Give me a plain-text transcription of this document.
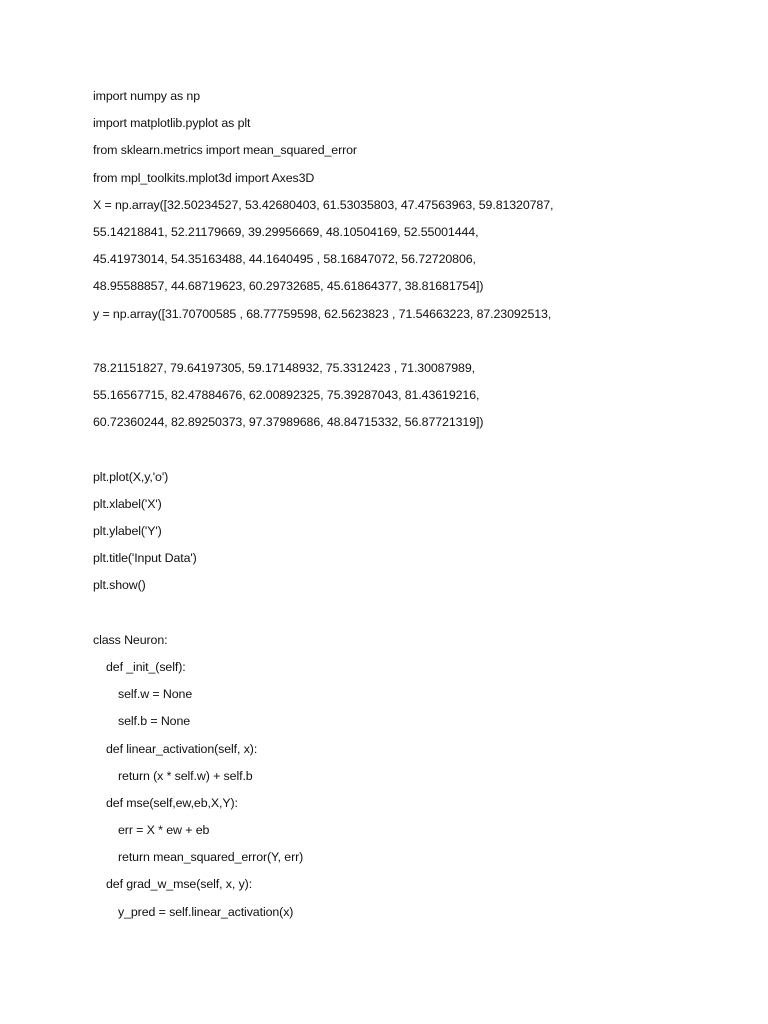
import numpy as np
import matplotlib.pyplot as plt
from sklearn.metrics import mean_squared_error
from mpl_toolkits.mplot3d import Axes3D
X = np.array([32.50234527, 53.42680403, 61.53035803, 47.47563963, 59.81320787,
55.14218841, 52.21179669, 39.29956669, 48.10504169, 52.55001444,
45.41973014, 54.35163488, 44.1640495 , 58.16847072, 56.72720806,
48.95588857, 44.68719623, 60.29732685, 45.61864377, 38.81681754])
y = np.array([31.70700585 , 68.77759598, 62.5623823 , 71.54663223, 87.23092513,
78.21151827, 79.64197305, 59.17148932, 75.3312423 , 71.30087989,
55.16567715, 82.47884676, 62.00892325, 75.39287043, 81.43619216,
60.72360244, 82.89250373, 97.37989686, 48.84715332, 56.87721319])
plt.plot(X,y,'o')
plt.xlabel('X')
plt.ylabel('Y')
plt.title('Input Data')
plt.show()
class Neuron:
def _init_(self):
self.w = None
self.b = None
def linear_activation(self, x):
return (x * self.w) + self.b
def mse(self,ew,eb,X,Y):
err = X * ew + eb
return mean_squared_error(Y, err)
def grad_w_mse(self, x, y):
y_pred = self.linear_activation(x)
